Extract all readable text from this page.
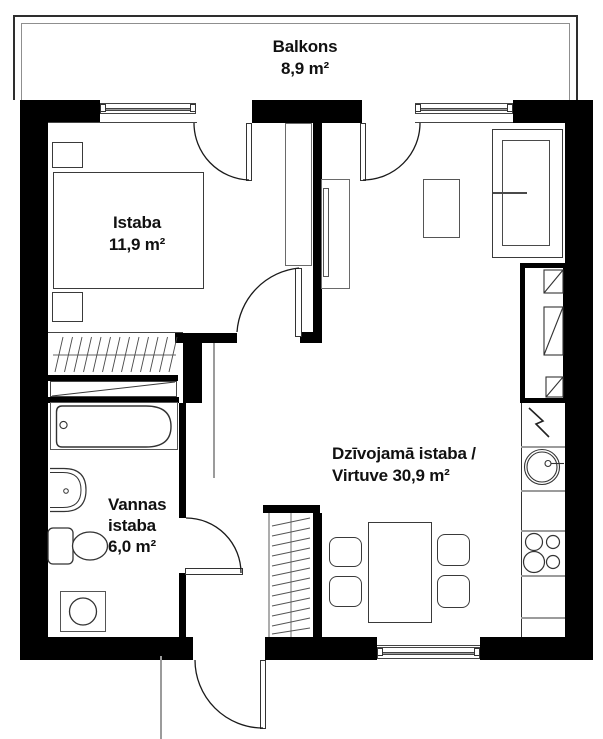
Balkons
8,9 m²
Istaba
11,9 m²
Vannas
istaba
6,0 m²
Dzīvojamā istaba /
Virtuve 30,9 m²
